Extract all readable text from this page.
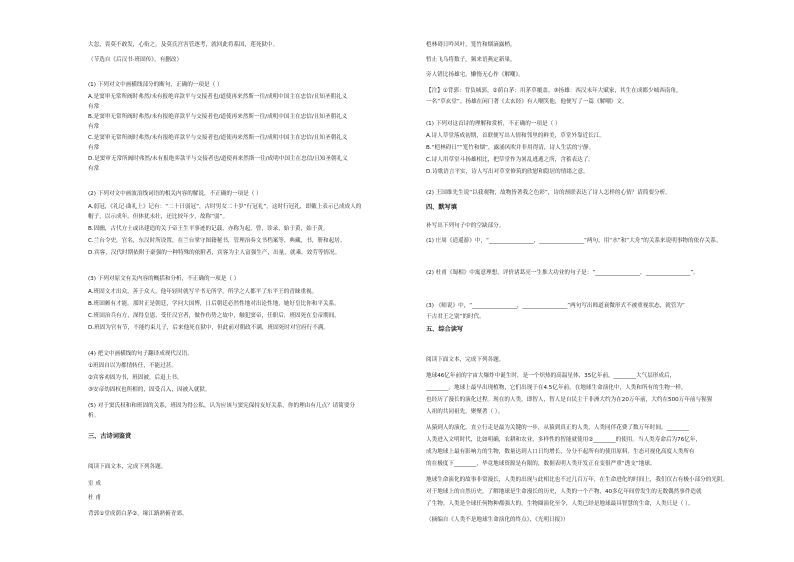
大忽，畏莫不敢发，心衔之，及莫氏宫害管逐考，就回此将系国，莲死狱中。
（节选自《后汉书·班固传》，有删改）
(1) 下列对文中画横线部分的断句，正确的一项是（ ）
A.是窦审无常所阀时弗然/未有报绝弈款平与交接者也/道使再来然斯一往/成明中国主在忠信/且知圣朝礼义
有常
B.是窦审无常所阀时弗然/未有报绝弈款平与交接者也/道使再来然斯一往/成明中国主在忠信/且知圣朝礼义
有常
C.是窦审无常所阀时弗然/未有报绝弈款平与交接者也/道使再来然斯一往/成明中国主在忠信/且知圣朝礼义
有常
D.是窦审无常所阀时弗然/未有报绝弈款平与交接者也/道使再来然斯一往/成明中国主在忠信/且知圣朝礼义
有常
(2) 下列对文中画波浪线词语的相关内容的解说，不正确的一项是（ ）
A.弱冠，《礼记·曲礼上》记有：“二十曰弱冠”，古时男女二十岁“行冠礼”，这时行冠礼，即戴上表示已成成人的
帽子，以示成年，但体犹未壮，还比较年少，故称“弱”。
B.固幽，古代方士或出建造的关于帝王生平事迹的记载，亦称为起，曾，诊录，始于黄，始于黄。
C.兰台令史，官名，东汉时所设置，在兰台掌守图籍秘书，管理治奏文书档案等，典藏，书，册和起居。
D.宾客，汉代时期依附于豪强的一种特殊的依附者，宾客为主人富强生产，出量，就乘、效劳等情况。
(3) 下列对原文有关内容的概括和分析，不正确的一项是（ ）
A.班固文才出众，善于众人。他年轻时就写平书无所学，所学之人都平了东平王的青睐重视。
B.班固颇有才能。那时正是朝廷，学问大国博，日后朝廷必然性地对出论性地，她好皇比你和平关系。
C.班固治兵有方，深得皇恩，受任汉官者，做作伤势之故中，触犯窦帝，任职后，班固死在皇帝期间。
D.班固为官有节，不能约束儿子，后来他死在狱中，但此前对朝政不满，班固死时对官府行不满。
(4) 把文中画横线的句子翻译成现代汉语。
①班固自以为都情转任，不能过甚。
②宾客劝固为书，班固被，后退上书。
③安帝幼固权也所相的，固受召入，因被入就狱。
(5) 对于窦氏权和和班固的关系，班固为得公私，认为应该与窦宪保持友好关系，你的理由有几点？请简要分
析。
三、古诗词鉴赏
阅读下面文本，完成下列各题。
室 成
杜 甫
背郭①堂成荫白茅②，缘江路熟俯青郊。
桤林碍日吟风叶，笼竹和烟滴露梢。
暂止飞乌将数子，频来语燕定新巢。
旁人错比扬雄宅，懒惰无心作《解嘲》。
【注】①背郭：背负城郭。②荫白茅：用茅草覆盖。③扬雄：西汉末年大赋家，其生在成都少城西南角，
一名“草玄堂”。扬雄在闲门著《太玄经》有人嘲笑他，他便写了一篇《解嘲》文。
(1) 下列对这首诗的理解和赏析，不正确的一项是（ ）
A.诗人草堂落成初期，首联便写出人情和邻里的鲜美，草堂外靠近长江。
B.“桤林碍日”“笼竹和烟”，露涌风吹并非用得清，诗人生活的宁静。
C.诗人用草堂斗扬雄相比，把草堂作为暑乱逃遁之所，含蓄表达了。
D.诗歌语言平实，诗人写出对草堂修筑的欣慰和隐居的情绪之意。
(2) 王国维先生说“以我观物，故物皆著我之色彩”，诗的颈联表达了诗人怎样的心情？请简要分析。
四、默写填
补写出下列句子中的空缺部分。
(1) 庄周《逍遥游》中，“________________，________________”两句，用“水”和“大舟”的关系来说明事物的依存关系。
(2) 杜甫《蜀相》中寓意理想，评价诸葛亮一生推大功业的句子是：“________________，________________”。
(3) 《师说》中，“________________，________________”两句写出师道衰微形式不被重视状态，就管为“
千古君王之别”的时代。
五、综合读写
阅读下面文本，完成下列各题。
地球46亿年前的宇宙大爆炸中诞生时，是一个炽热的高温星体，35亿年前，________大气层形成后，
________。地球上最早出现植物，它们出现于在4.5亿年前，在地球生命演化中，人类和所有的生物一样，
也经历了漫长的演化过程。现在的人类，即智人，智人是自民主于非洲大约为在20万年前，大约在500万年前与猩猩
人祖的共同祖先，聚聚著（ ）。
从猿到人的演化，直立行走是最为关键的一步，从猿到真正的人类，人类同伴花费了数万年时间，________
人类进入文明时代，比如明确，农耕和农业，多样性的智能就使用②________的使用。当人类寿命后为76亿年，
成为地球上最有影响力的生物，数量达到人口日均增长，分分不起所有的使用原料，生态可视化高度人类所有
的在极度下________，毕竟地球资源是有限的，数据表明人类开发正在变很严重“透支”地球。
地球生命演化的故事非常漫长，人类的出现与此相比也不过几百万年，在生命进化的时间上，我们仅占有极小部分的光阴。
对于地球上的自然历史，了解地球是生命漫长的历史，人类的一个产物，40多亿年间曾发生的无数偶然事件造就
了生物。人类是全球任何物种都强大的，生物圈演化至令，人类已经是地球最具智慧的生命，人类只是（ ）。
（摘编自《人类不是地球生命演化的终点》，《光明日报》）
